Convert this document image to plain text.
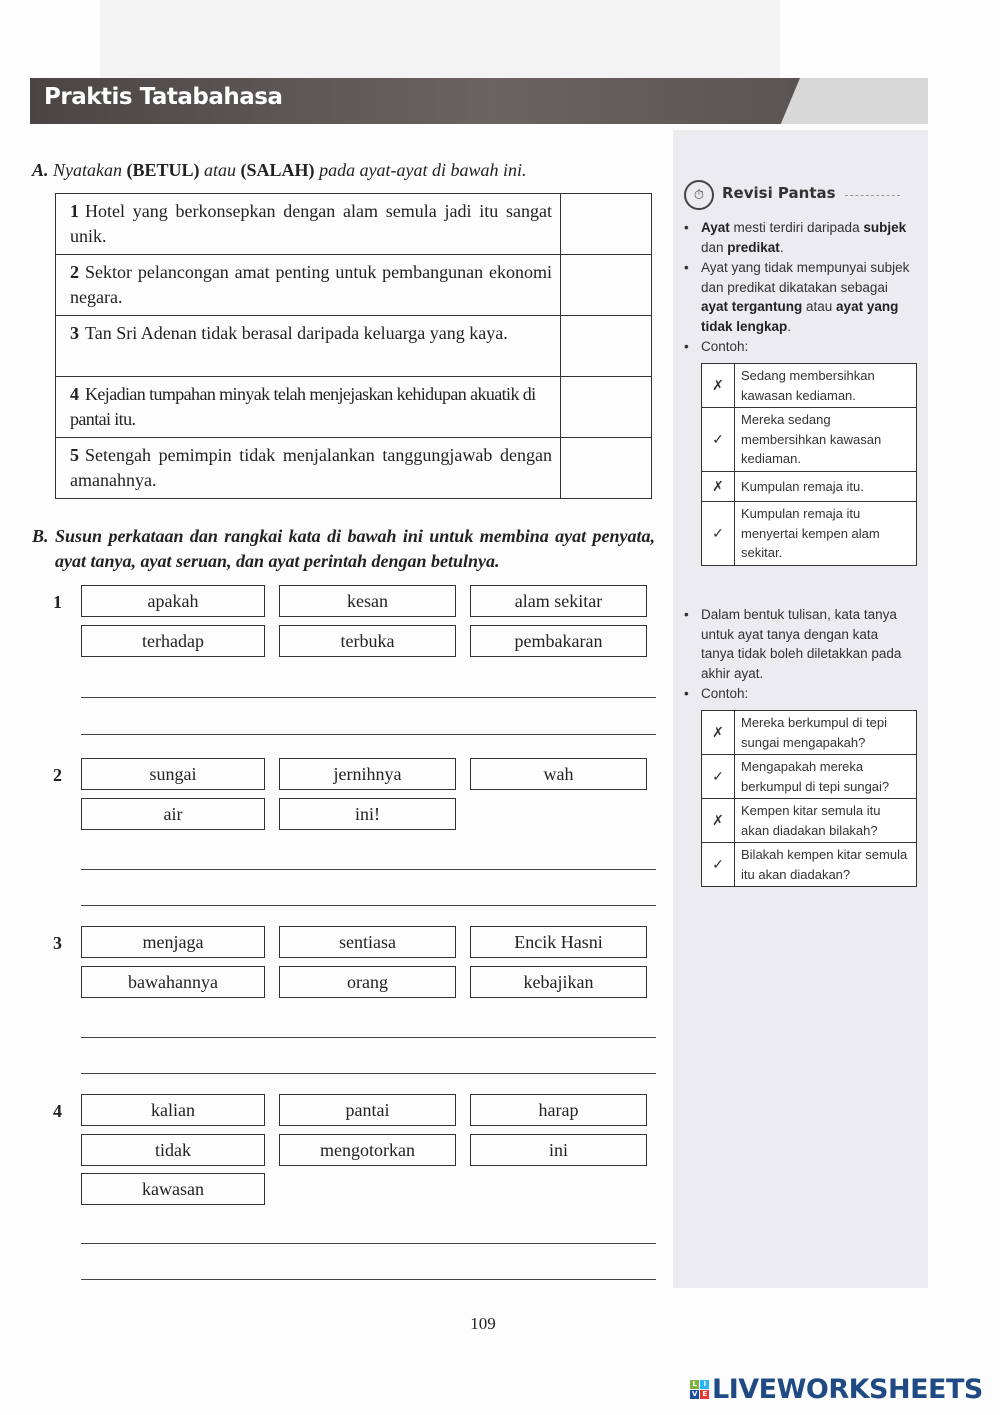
Praktis Tatabahasa
A. Nyatakan (BETUL) atau (SALAH) pada ayat-ayat di bawah ini.
1 Hotel yang berkonsepkan dengan alam semula jadi itu sangat unik.	
2 Sektor pelancongan amat penting untuk pembangunan ekonomi negara.	
3 Tan Sri Adenan tidak berasal daripada keluarga yang kaya.	
4 Kejadian tumpahan minyak telah menjejaskan kehidupan akuatik di pantai itu.	
5 Setengah pemimpin tidak menjalankan tanggungjawab dengan amanahnya.	
B. Susun perkataan dan rangkai kata di bawah ini untuk membina ayat penyata, ayat tanya, ayat seruan, dan ayat perintah dengan betulnya.
1	apakah	kesan	alam sekitar
terhadap	terbuka	pembakaran
2	sungai	jernihnya	wah
air	ini!
3	menjaga	sentiasa	Encik Hasni
bawahannya	orang	kebajikan
4	kalian	pantai	harap
tidak	mengotorkan	ini
kawasan
⏱	Revisi Pantas
• Ayat mesti terdiri daripada subjek dan predikat.
• Ayat yang tidak mempunyai subjek dan predikat dikatakan sebagai ayat tergantung atau ayat yang tidak lengkap.
• Contoh:
✗	Sedang membersihkan kawasan kediaman.
✓	Mereka sedang membersihkan kawasan kediaman.
✗	Kumpulan remaja itu.
✓	Kumpulan remaja itu menyertai kempen alam sekitar.
• Dalam bentuk tulisan, kata tanya untuk ayat tanya dengan kata tanya tidak boleh diletakkan pada akhir ayat.
• Contoh:
✗	Mereka berkumpul di tepi sungai mengapakah?
✓	Mengapakah mereka berkumpul di tepi sungai?
✗	Kempen kitar semula itu akan diadakan bilakah?
✓	Bilakah kempen kitar semula itu akan diadakan?
109
L I
V E LIVEWORKSHEETS
